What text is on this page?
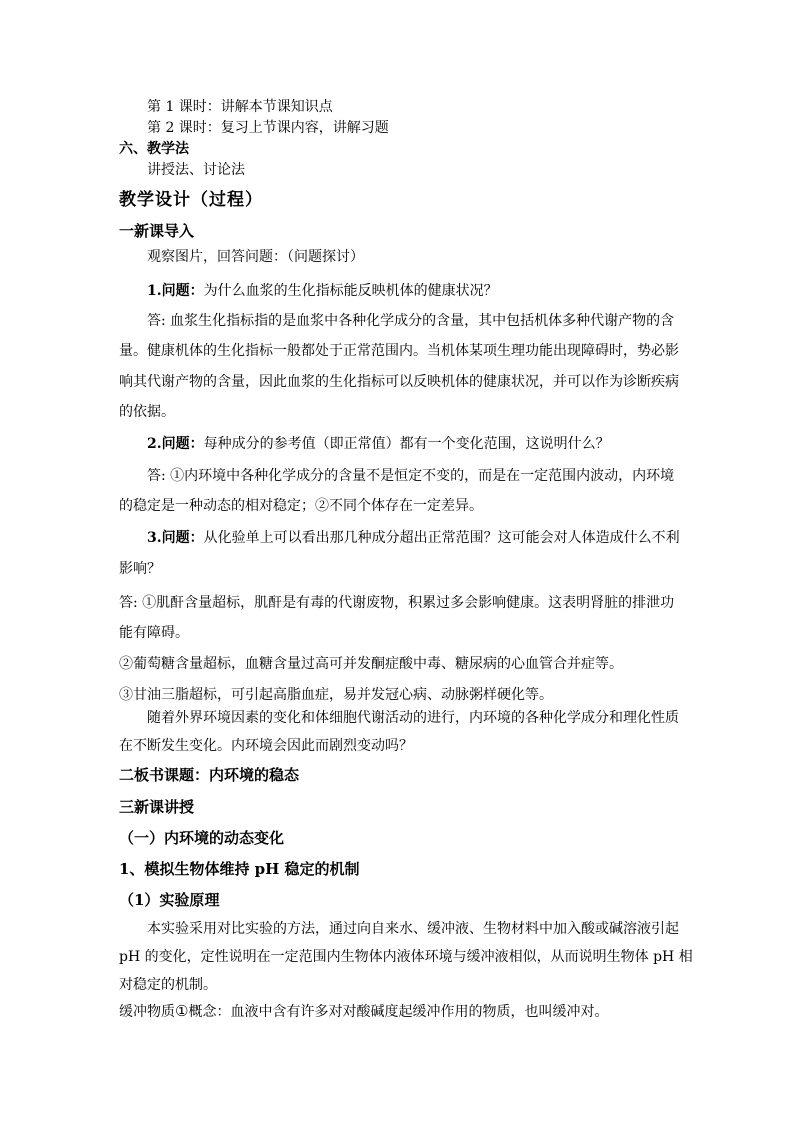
第 1 课时：讲解本节课知识点
第 2 课时：复习上节课内容，讲解习题
六、教学法
讲授法、讨论法
教学设计（过程）
一新课导入
观察图片，回答问题：（问题探讨）
1.问题：为什么血浆的生化指标能反映机体的健康状况？
答: 血浆生化指标指的是血浆中各种化学成分的含量，其中包括机体多种代谢产物的含
量。健康机体的生化指标一般都处于正常范围内。当机体某项生理功能出现障碍时，势必影
响其代谢产物的含量，因此血浆的生化指标可以反映机体的健康状况，并可以作为诊断疾病
的依据。
2.问题：每种成分的参考值（即正常值）都有一个变化范围，这说明什么？
答: ①内环境中各种化学成分的含量不是恒定不变的，而是在一定范围内波动，内环境
的稳定是一种动态的相对稳定；②不同个体存在一定差异。
3.问题：从化验单上可以看出那几种成分超出正常范围？这可能会对人体造成什么不利
影响？
答: ①肌酐含量超标，肌酐是有毒的代谢废物，积累过多会影响健康。这表明肾脏的排泄功
能有障碍。
②葡萄糖含量超标，血糖含量过高可并发酮症酸中毒、糖尿病的心血管合并症等。
③甘油三脂超标，可引起高脂血症，易并发冠心病、动脉粥样硬化等。
随着外界环境因素的变化和体细胞代谢活动的进行，内环境的各种化学成分和理化性质
在不断发生变化。内环境会因此而剧烈变动吗？
二板书课题：内环境的稳态
三新课讲授
（一）内环境的动态变化
1、模拟生物体维持 pH 稳定的机制
（1）实验原理
本实验采用对比实验的方法，通过向自来水、缓冲液、生物材料中加入酸或碱溶液引起
pH 的变化，定性说明在一定范围内生物体内液体环境与缓冲液相似，从而说明生物体 pH 相
对稳定的机制。
缓冲物质①概念：血液中含有许多对对酸碱度起缓冲作用的物质，也叫缓冲对。
